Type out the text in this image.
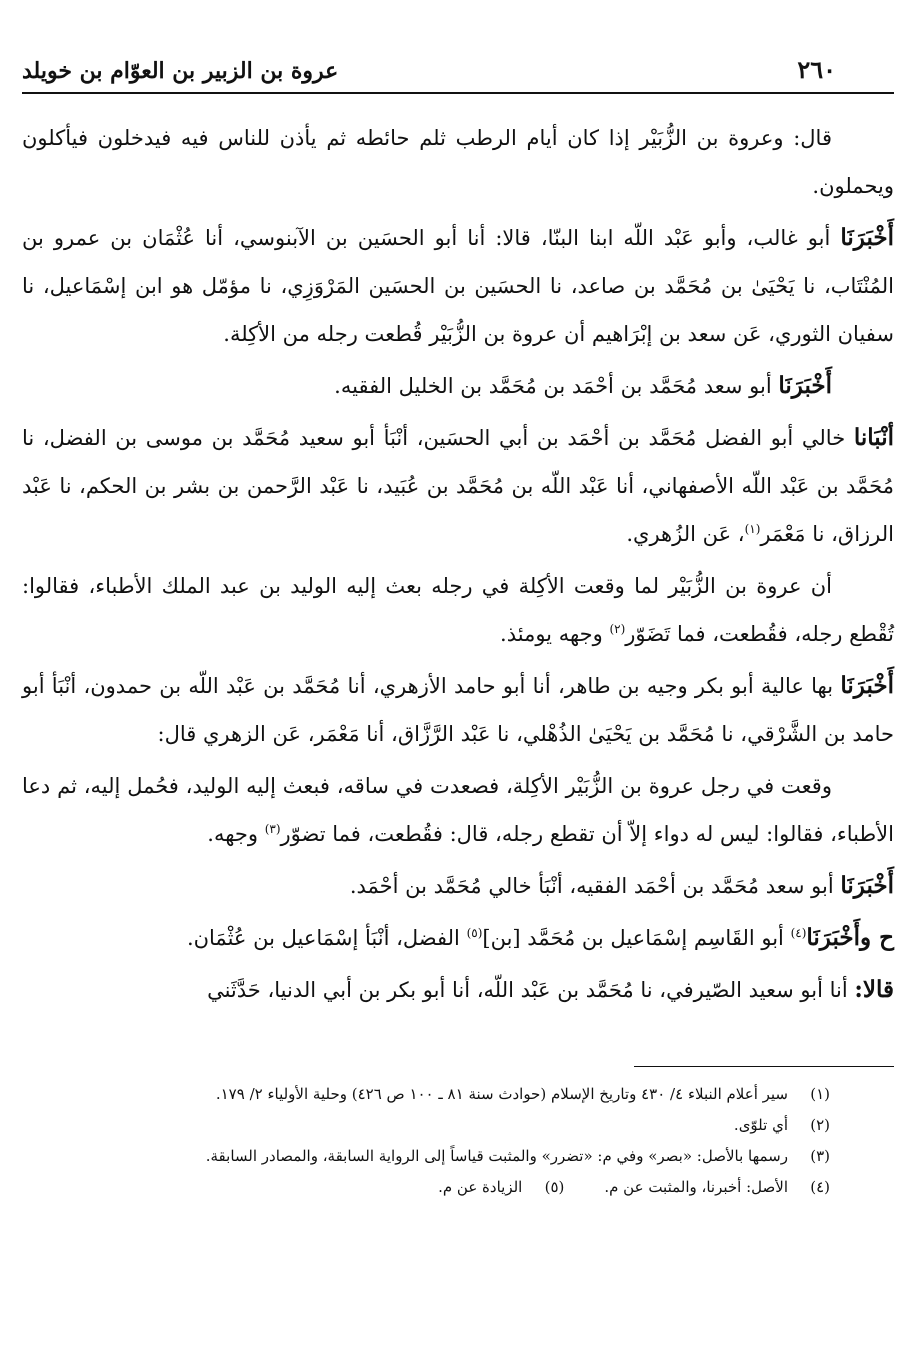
٢٦٠
عروة بن الزبير بن العوّام بن خويلد

قال: وعروة بن الزُّبَيْر إذا كان أيام الرطب ثلم حائطه ثم يأذن للناس فيه فيدخلون فيأكلون ويحملون.

أَخْبَرَنَا أبو غالب، وأبو عَبْد اللّه ابنا البنّا، قالا: أنا أبو الحسَين بن الآبنوسي، أنا عُثْمَان بن عمرو بن المُنْتَاب، نا يَحْيَىٰ بن مُحَمَّد بن صاعد، نا الحسَين بن الحسَين المَرْوَزِي، نا مؤمّل هو ابن إسْمَاعيل، نا سفيان الثوري، عَن سعد بن إبْرَاهيم أن عروة بن الزُّبَيْر قُطعت رجله من الأكِلة.

أَخْبَرَنَا أبو سعد مُحَمَّد بن أحْمَد بن مُحَمَّد بن الخليل الفقيه.

أنْبَانا خالي أبو الفضل مُحَمَّد بن أحْمَد بن أبي الحسَين، أنْبَأ أبو سعيد مُحَمَّد بن موسى بن الفضل، نا مُحَمَّد بن عَبْد اللّه الأصفهاني، أنا عَبْد اللّه بن مُحَمَّد بن عُبَيد، نا عَبْد الرَّحمن بن بشر بن الحكم، نا عَبْد الرزاق، نا مَعْمَر$^{(١)}$، عَن الزُهري.

أن عروة بن الزُّبَيْر لما وقعت الأكِلة في رجله بعث إليه الوليد بن عبد الملك الأطباء، فقالوا: تُقْطع رجله، فقُطعت، فما تَضَوّر$^{(٢)}$ وجهه يومئذ.

أَخْبَرَنَا بها عالية أبو بكر وجيه بن طاهر، أنا أبو حامد الأزهري، أنا مُحَمَّد بن عَبْد اللّه بن حمدون، أنْبَأ أبو حامد بن الشَّرْقي، نا مُحَمَّد بن يَحْيَىٰ الذُهْلي، نا عَبْد الرَّزَّاق، أنا مَعْمَر، عَن الزهري قال:

وقعت في رجل عروة بن الزُّبَيْر الأكِلة، فصعدت في ساقه، فبعث إليه الوليد، فحُمل إليه، ثم دعا الأطباء، فقالوا: ليس له دواء إلاّ أن تقطع رجله، قال: فقُطعت، فما تضوّر$^{(٣)}$ وجهه.

أَخْبَرَنَا أبو سعد مُحَمَّد بن أحْمَد الفقيه، أنْبَأ خالي مُحَمَّد بن أحْمَد.

ح وأَخْبَرَنَا$^{(٤)}$ أبو القَاسِم إسْمَاعيل بن مُحَمَّد [بن]$^{(٥)}$ الفضل، أنْبَأ إسْمَاعيل بن عُثْمَان.

قالا: أنا أبو سعيد الصّيرفي، نا مُحَمَّد بن عَبْد اللّه، أنا أبو بكر بن أبي الدنيا، حَدَّثَني

(١)
سير أعلام النبلاء ٤/ ٤٣٠ وتاريخ الإسلام (حوادث سنة ٨١ ـ ١٠٠ ص ٤٢٦) وحلية الأولياء ٢/ ١٧٩.
(٢)
أي تلوّى.
(٣)
رسمها بالأصل: «بصر» وفي م: «تضرر» والمثبت قياساً إلى الرواية السابقة، والمصادر السابقة.
(٤)
الأصل: أخبرنا، والمثبت عن م.
(٥)
الزيادة عن م.
